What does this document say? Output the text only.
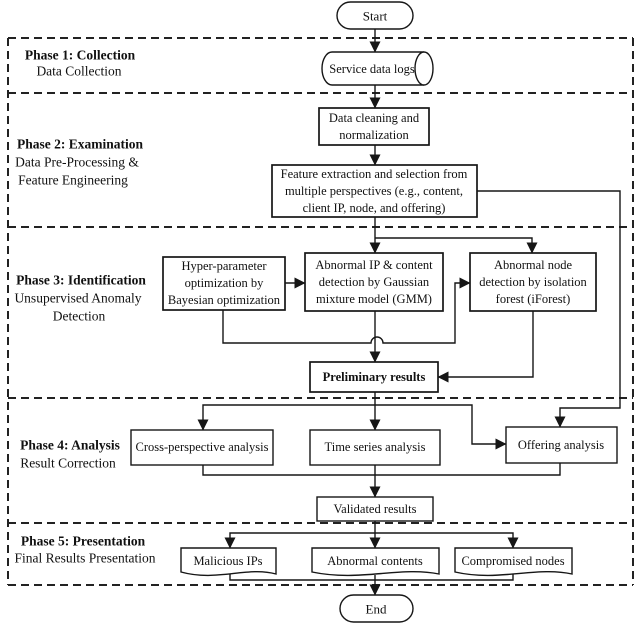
Start
Service data logs
Data cleaning and
normalization
Feature extraction and selection from
multiple perspectives (e.g., content,
client IP, node, and offering)
Hyper-parameter
optimization by
Bayesian optimization
Abnormal IP & content
detection by Gaussian
mixture model (GMM)
Abnormal node
detection by isolation
forest (iForest)
Preliminary results
Cross-perspective analysis	Time series analysis	Offering analysis
Validated results
Malicious IPs	Abnormal contents	Compromised nodes
End
Phase 1: Collection
Data Collection
Phase 2: Examination
Data Pre-Processing &
Feature Engineering
Phase 3: Identification
Unsupervised Anomaly
Detection
Phase 4: Analysis
Result Correction
Phase 5: Presentation
Final Results Presentation
